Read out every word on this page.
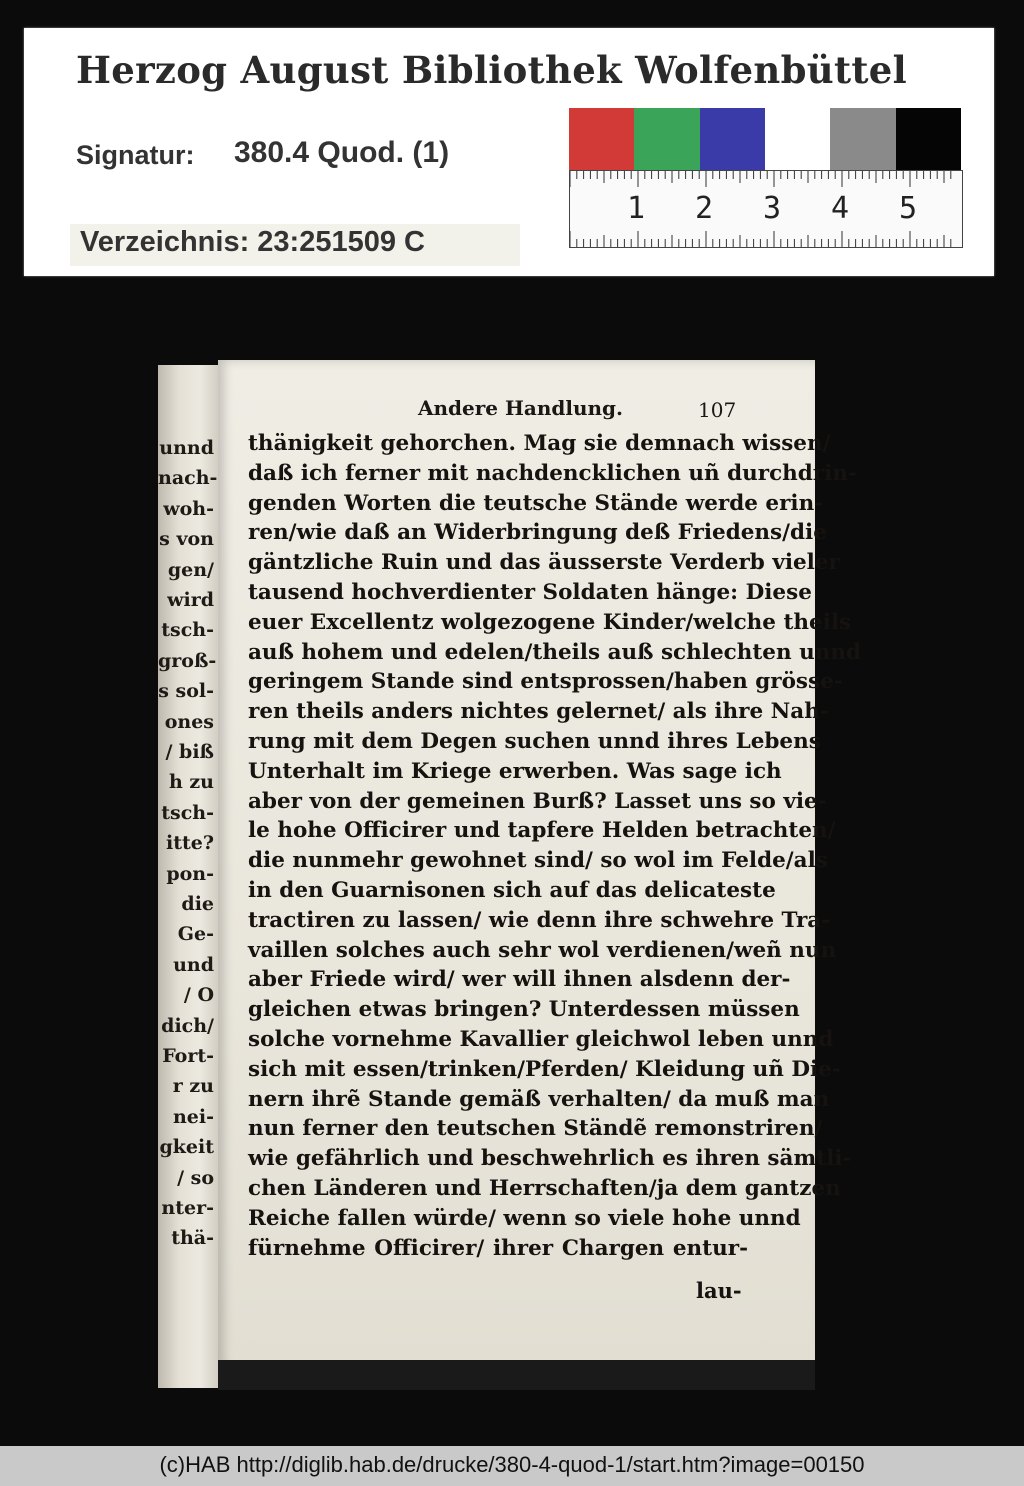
Herzog August Bibliothek Wolfenbüttel
Signatur: 380.4 Quod. (1)
Verzeichnis: 23:251509 C
1 2 3 4 5
unnd
nach-
woh-
s von
gen/
wird
tsch-
groß-
s sol-
ones
/ biß
h zu
tsch-
itte?
pon-
die
Ge-
und
/ O
dich/
Fort-
r zu
nei-
gkeit
/ so
nter-
thä-
Andere Handlung.	107
lau-
thänigkeit gehorchen. Mag sie demnach wissen/
daß ich ferner mit nachdencklichen uñ durchdrin-
genden Worten die teutsche Stände werde erin-
ren/wie daß an Widerbringung deß Friedens/die
gäntzliche Ruin und das äusserste Verderb vieler
tausend hochverdienter Soldaten hänge: Diese
euer Excellentz wolgezogene Kinder/welche theils
auß hohem und edelen/theils auß schlechten unnd
geringem Stande sind entsprossen/haben grösse-
ren theils anders nichtes gelernet/ als ihre Nah-
rung mit dem Degen suchen unnd ihres Lebens
Unterhalt im Kriege erwerben. Was sage ich
aber von der gemeinen Burß? Lasset uns so vie-
le hohe Officirer und tapfere Helden betrachten/
die nunmehr gewohnet sind/ so wol im Felde/als
in den Guarnisonen sich auf das delicateste
tractiren zu lassen/ wie denn ihre schwehre Tra-
vaillen solches auch sehr wol verdienen/weñ nun
aber Friede wird/ wer will ihnen alsdenn der-
gleichen etwas bringen? Unterdessen müssen
solche vornehme Kavallier gleichwol leben unnd
sich mit essen/trinken/Pferden/ Kleidung uñ Die-
nern ihrẽ Stande gemäß verhalten/ da muß man
nun ferner den teutschen Ständẽ remonstriren/
wie gefährlich und beschwehrlich es ihren sämtli-
chen Länderen und Herrschaften/ja dem gantzen
Reiche fallen würde/ wenn so viele hohe unnd
fürnehme Officirer/ ihrer Chargen entur-
(c)HAB http://diglib.hab.de/drucke/380-4-quod-1/start.htm?image=00150
